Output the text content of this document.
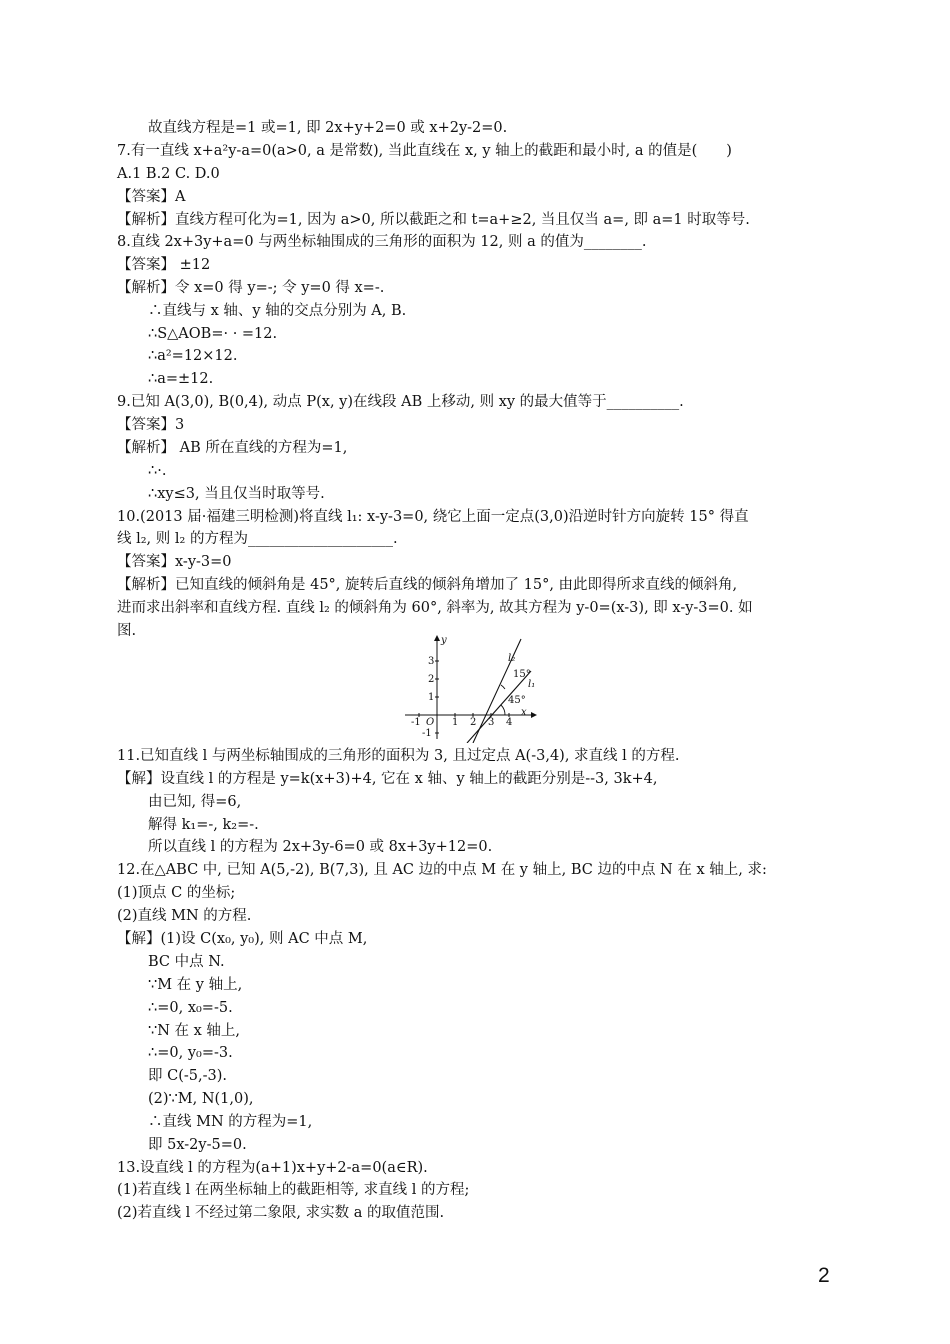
故直线方程是=1 或=1, 即 2x+y+2=0 或 x+2y-2=0.
7.有一直线 x+a²y-a=0(a>0, a 是常数), 当此直线在 x, y 轴上的截距和最小时, a 的值是(　　)
A.1 B.2 C. D.0
【答案】A
【解析】直线方程可化为=1, 因为 a>0, 所以截距之和 t=a+≥2, 当且仅当 a=, 即 a=1 时取等号.
8.直线 2x+3y+a=0 与两坐标轴围成的三角形的面积为 12, 则 a 的值为________.
【答案】 ±12
【解析】令 x=0 得 y=-; 令 y=0 得 x=-.
∴直线与 x 轴、y 轴的交点分别为 A, B.
∴S△AOB=· · =12.
∴a²=12×12.
∴a=±12.
9.已知 A(3,0), B(0,4), 动点 P(x, y)在线段 AB 上移动, 则 xy 的最大值等于__________.
【答案】3
【解析】 AB 所在直线的方程为=1,
∴·.
∴xy≤3, 当且仅当时取等号.
10.(2013 届·福建三明检测)将直线 l₁: x-y-3=0, 绕它上面一定点(3,0)沿逆时针方向旋转 15° 得直
线 l₂, 则 l₂ 的方程为____________________.
【答案】x-y-3=0
【解析】已知直线的倾斜角是 45°, 旋转后直线的倾斜角增加了 15°, 由此即得所求直线的倾斜角,
进而求出斜率和直线方程. 直线 l₂ 的倾斜角为 60°, 斜率为, 故其方程为 y-0=(x-3), 即 x-y-3=0. 如
图.
y
x
O
-1	1 2 3 4
3
2
1
-1
l₂
l₁
15°
45°
11.已知直线 l 与两坐标轴围成的三角形的面积为 3, 且过定点 A(-3,4), 求直线 l 的方程.
【解】设直线 l 的方程是 y=k(x+3)+4, 它在 x 轴、y 轴上的截距分别是--3, 3k+4,
由已知, 得=6,
解得 k₁=-, k₂=-.
所以直线 l 的方程为 2x+3y-6=0 或 8x+3y+12=0.
12.在△ABC 中, 已知 A(5,-2), B(7,3), 且 AC 边的中点 M 在 y 轴上, BC 边的中点 N 在 x 轴上, 求:
(1)顶点 C 的坐标;
(2)直线 MN 的方程.
【解】(1)设 C(x₀, y₀), 则 AC 中点 M,
BC 中点 N.
∵M 在 y 轴上,
∴=0, x₀=-5.
∵N 在 x 轴上,
∴=0, y₀=-3.
即 C(-5,-3).
(2)∵M, N(1,0),
∴直线 MN 的方程为=1,
即 5x-2y-5=0.
13.设直线 l 的方程为(a+1)x+y+2-a=0(a∈R).
(1)若直线 l 在两坐标轴上的截距相等, 求直线 l 的方程;
(2)若直线 l 不经过第二象限, 求实数 a 的取值范围.
2
